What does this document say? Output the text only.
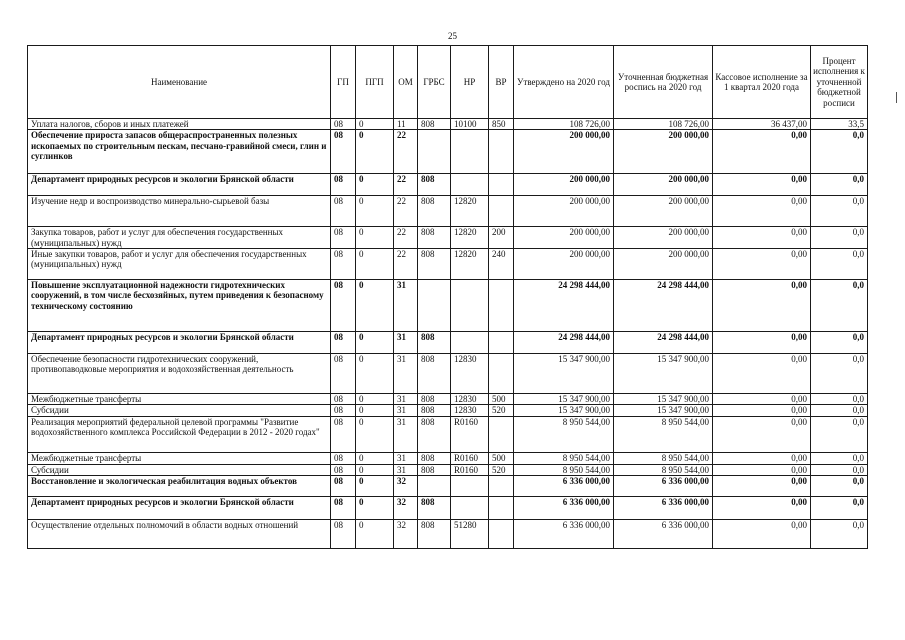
25
Наименование	ГП	ПГП	ОМ	ГРБС	НР	ВР	Утверждено на 2020 год	Уточненная бюджетная роспись на 2020 год	Кассовое исполнение за 1 квартал 2020 года	Процент исполнения к уточненной бюджетной росписи
Уплата налогов, сборов и иных платежей	08	0	11	808	10100	850	108 726,00	108 726,00	36 437,00	33,5
Обеспечение прироста запасов общераспространенных полезных ископаемых по строительным пескам, песчано-гравийной смеси, глин и суглинков	08	0	22				200 000,00	200 000,00	0,00	0,0
Департамент природных ресурсов и экологии Брянской области	08	0	22	808			200 000,00	200 000,00	0,00	0,0
Изучение недр и воспроизводство минерально-сырьевой базы	08	0	22	808	12820		200 000,00	200 000,00	0,00	0,0
Закупка товаров, работ и услуг для обеспечения государственных (муниципальных) нужд	08	0	22	808	12820	200	200 000,00	200 000,00	0,00	0,0
Иные закупки товаров, работ и услуг для обеспечения государственных (муниципальных) нужд	08	0	22	808	12820	240	200 000,00	200 000,00	0,00	0,0
Повышение эксплуатационной надежности гидротехнических сооружений, в том числе бесхозяйных, путем приведения к безопасному техническому состоянию	08	0	31				24 298 444,00	24 298 444,00	0,00	0,0
Департамент природных ресурсов и экологии Брянской области	08	0	31	808			24 298 444,00	24 298 444,00	0,00	0,0
Обеспечение безопасности гидротехнических сооружений, противопаводковые мероприятия и водохозяйственная деятельность	08	0	31	808	12830		15 347 900,00	15 347 900,00	0,00	0,0
Межбюджетные трансферты	08	0	31	808	12830	500	15 347 900,00	15 347 900,00	0,00	0,0
Субсидии	08	0	31	808	12830	520	15 347 900,00	15 347 900,00	0,00	0,0
Реализация мероприятий федеральной целевой программы "Развитие водохозяйственного комплекса Российской Федерации в 2012 - 2020 годах"	08	0	31	808	R0160		8 950 544,00	8 950 544,00	0,00	0,0
Межбюджетные трансферты	08	0	31	808	R0160	500	8 950 544,00	8 950 544,00	0,00	0,0
Субсидии	08	0	31	808	R0160	520	8 950 544,00	8 950 544,00	0,00	0,0
Восстановление и экологическая реабилитация водных объектов	08	0	32				6 336 000,00	6 336 000,00	0,00	0,0
Департамент природных ресурсов и экологии Брянской области	08	0	32	808			6 336 000,00	6 336 000,00	0,00	0,0
Осуществление отдельных полномочий в области водных отношений	08	0	32	808	51280		6 336 000,00	6 336 000,00	0,00	0,0
